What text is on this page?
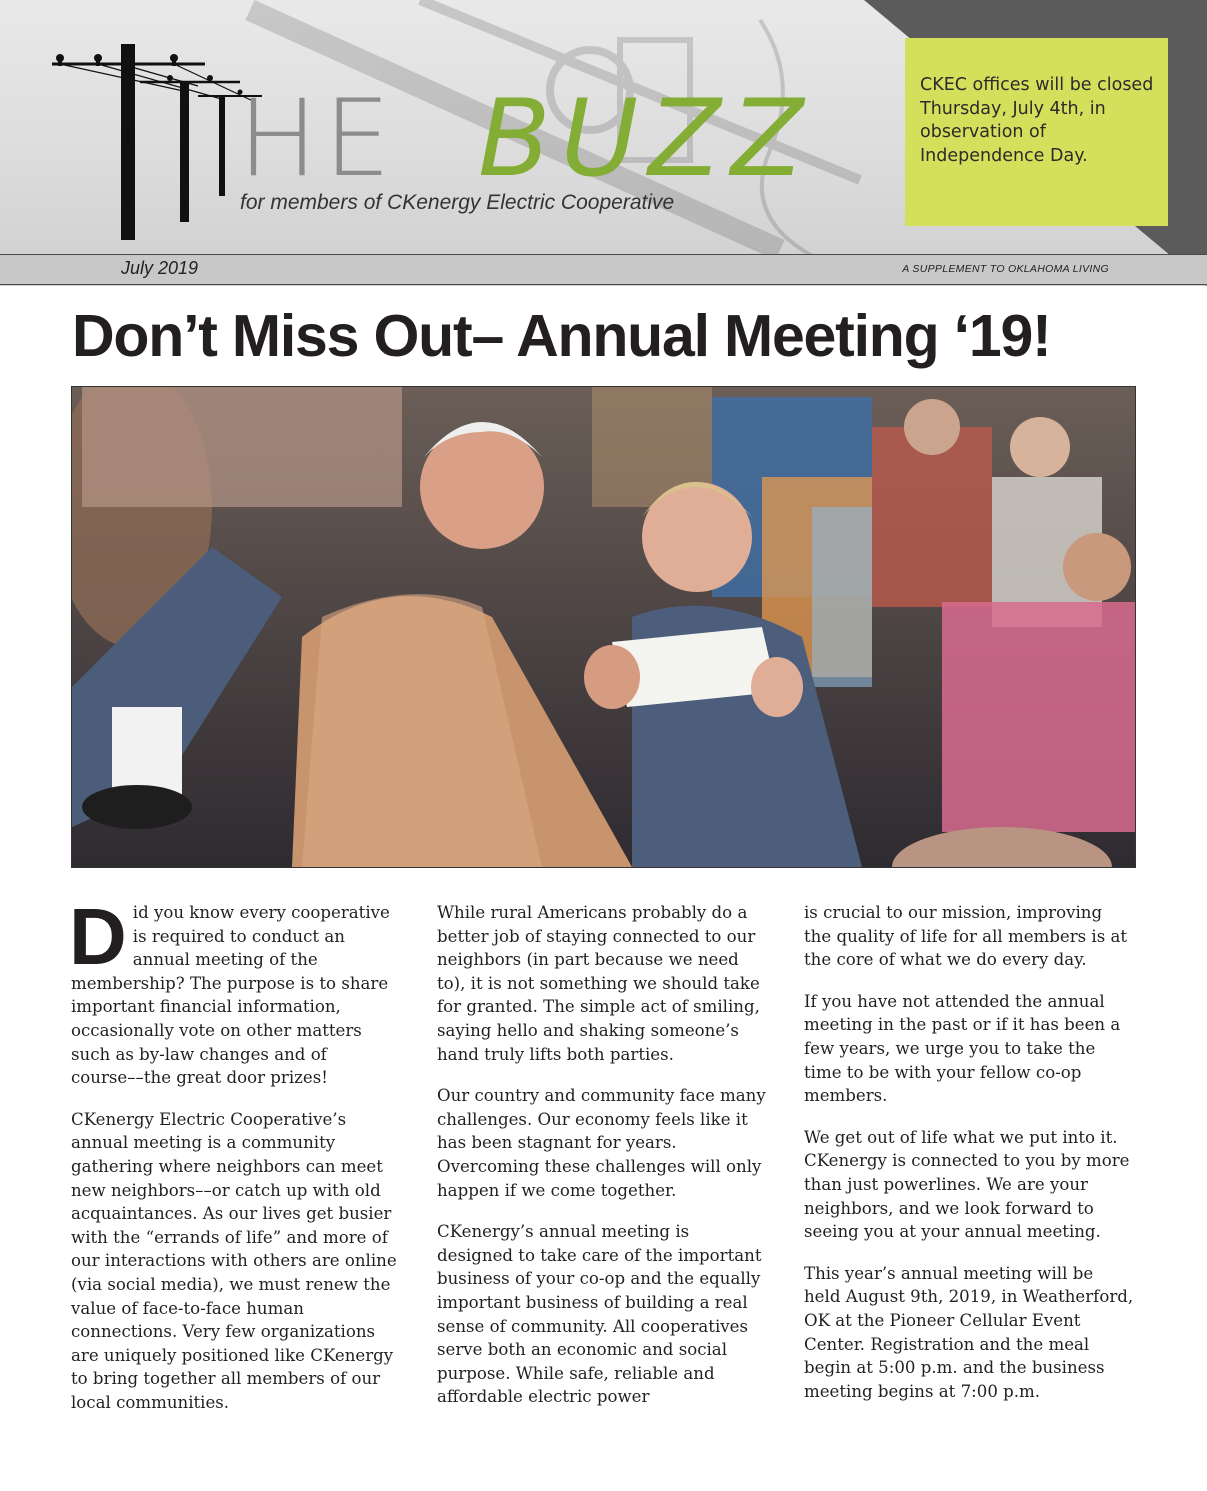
HE BUZZ
for members of CKenergy Electric Cooperative
CKEC offices will be closed Thursday, July 4th, in observation of Independence Day.
July 2019	A SUPPLEMENT TO OKLAHOMA LIVING
Don’t Miss Out– Annual Meeting ‘19!

Did you know every cooperative is required to conduct an annual meeting of the membership? The purpose is to share important financial information, occasionally vote on other matters such as by-law changes and of course––the great door prizes!

CKenergy Electric Cooperative’s annual meeting is a community gathering where neighbors can meet new neighbors––or catch up with old acquaintances. As our lives get busier with the “errands of life” and more of our interactions with others are online (via social media), we must renew the value of face-to-face human connections. Very few organizations are uniquely positioned like CKenergy to bring together all members of our local communities.

While rural Americans probably do a better job of staying connected to our neighbors (in part because we need to), it is not something we should take for granted. The simple act of smiling, saying hello and shaking someone’s hand truly lifts both parties.

Our country and community face many challenges. Our economy feels like it has been stagnant for years. Overcoming these challenges will only happen if we come together.

CKenergy’s annual meeting is designed to take care of the important business of your co-op and the equally important business of building a real sense of community. All cooperatives serve both an economic and social purpose. While safe, reliable and affordable electric power

is crucial to our mission, improving the quality of life for all members is at the core of what we do every day.

If you have not attended the annual meeting in the past or if it has been a few years, we urge you to take the time to be with your fellow co-op members.

We get out of life what we put into it. CKenergy is connected to you by more than just powerlines. We are your neighbors, and we look forward to seeing you at your annual meeting.

This year’s annual meeting will be held August 9th, 2019, in Weatherford, OK at the Pioneer Cellular Event Center. Registration and the meal begin at 5:00 p.m. and the business meeting begins at 7:00 p.m.
